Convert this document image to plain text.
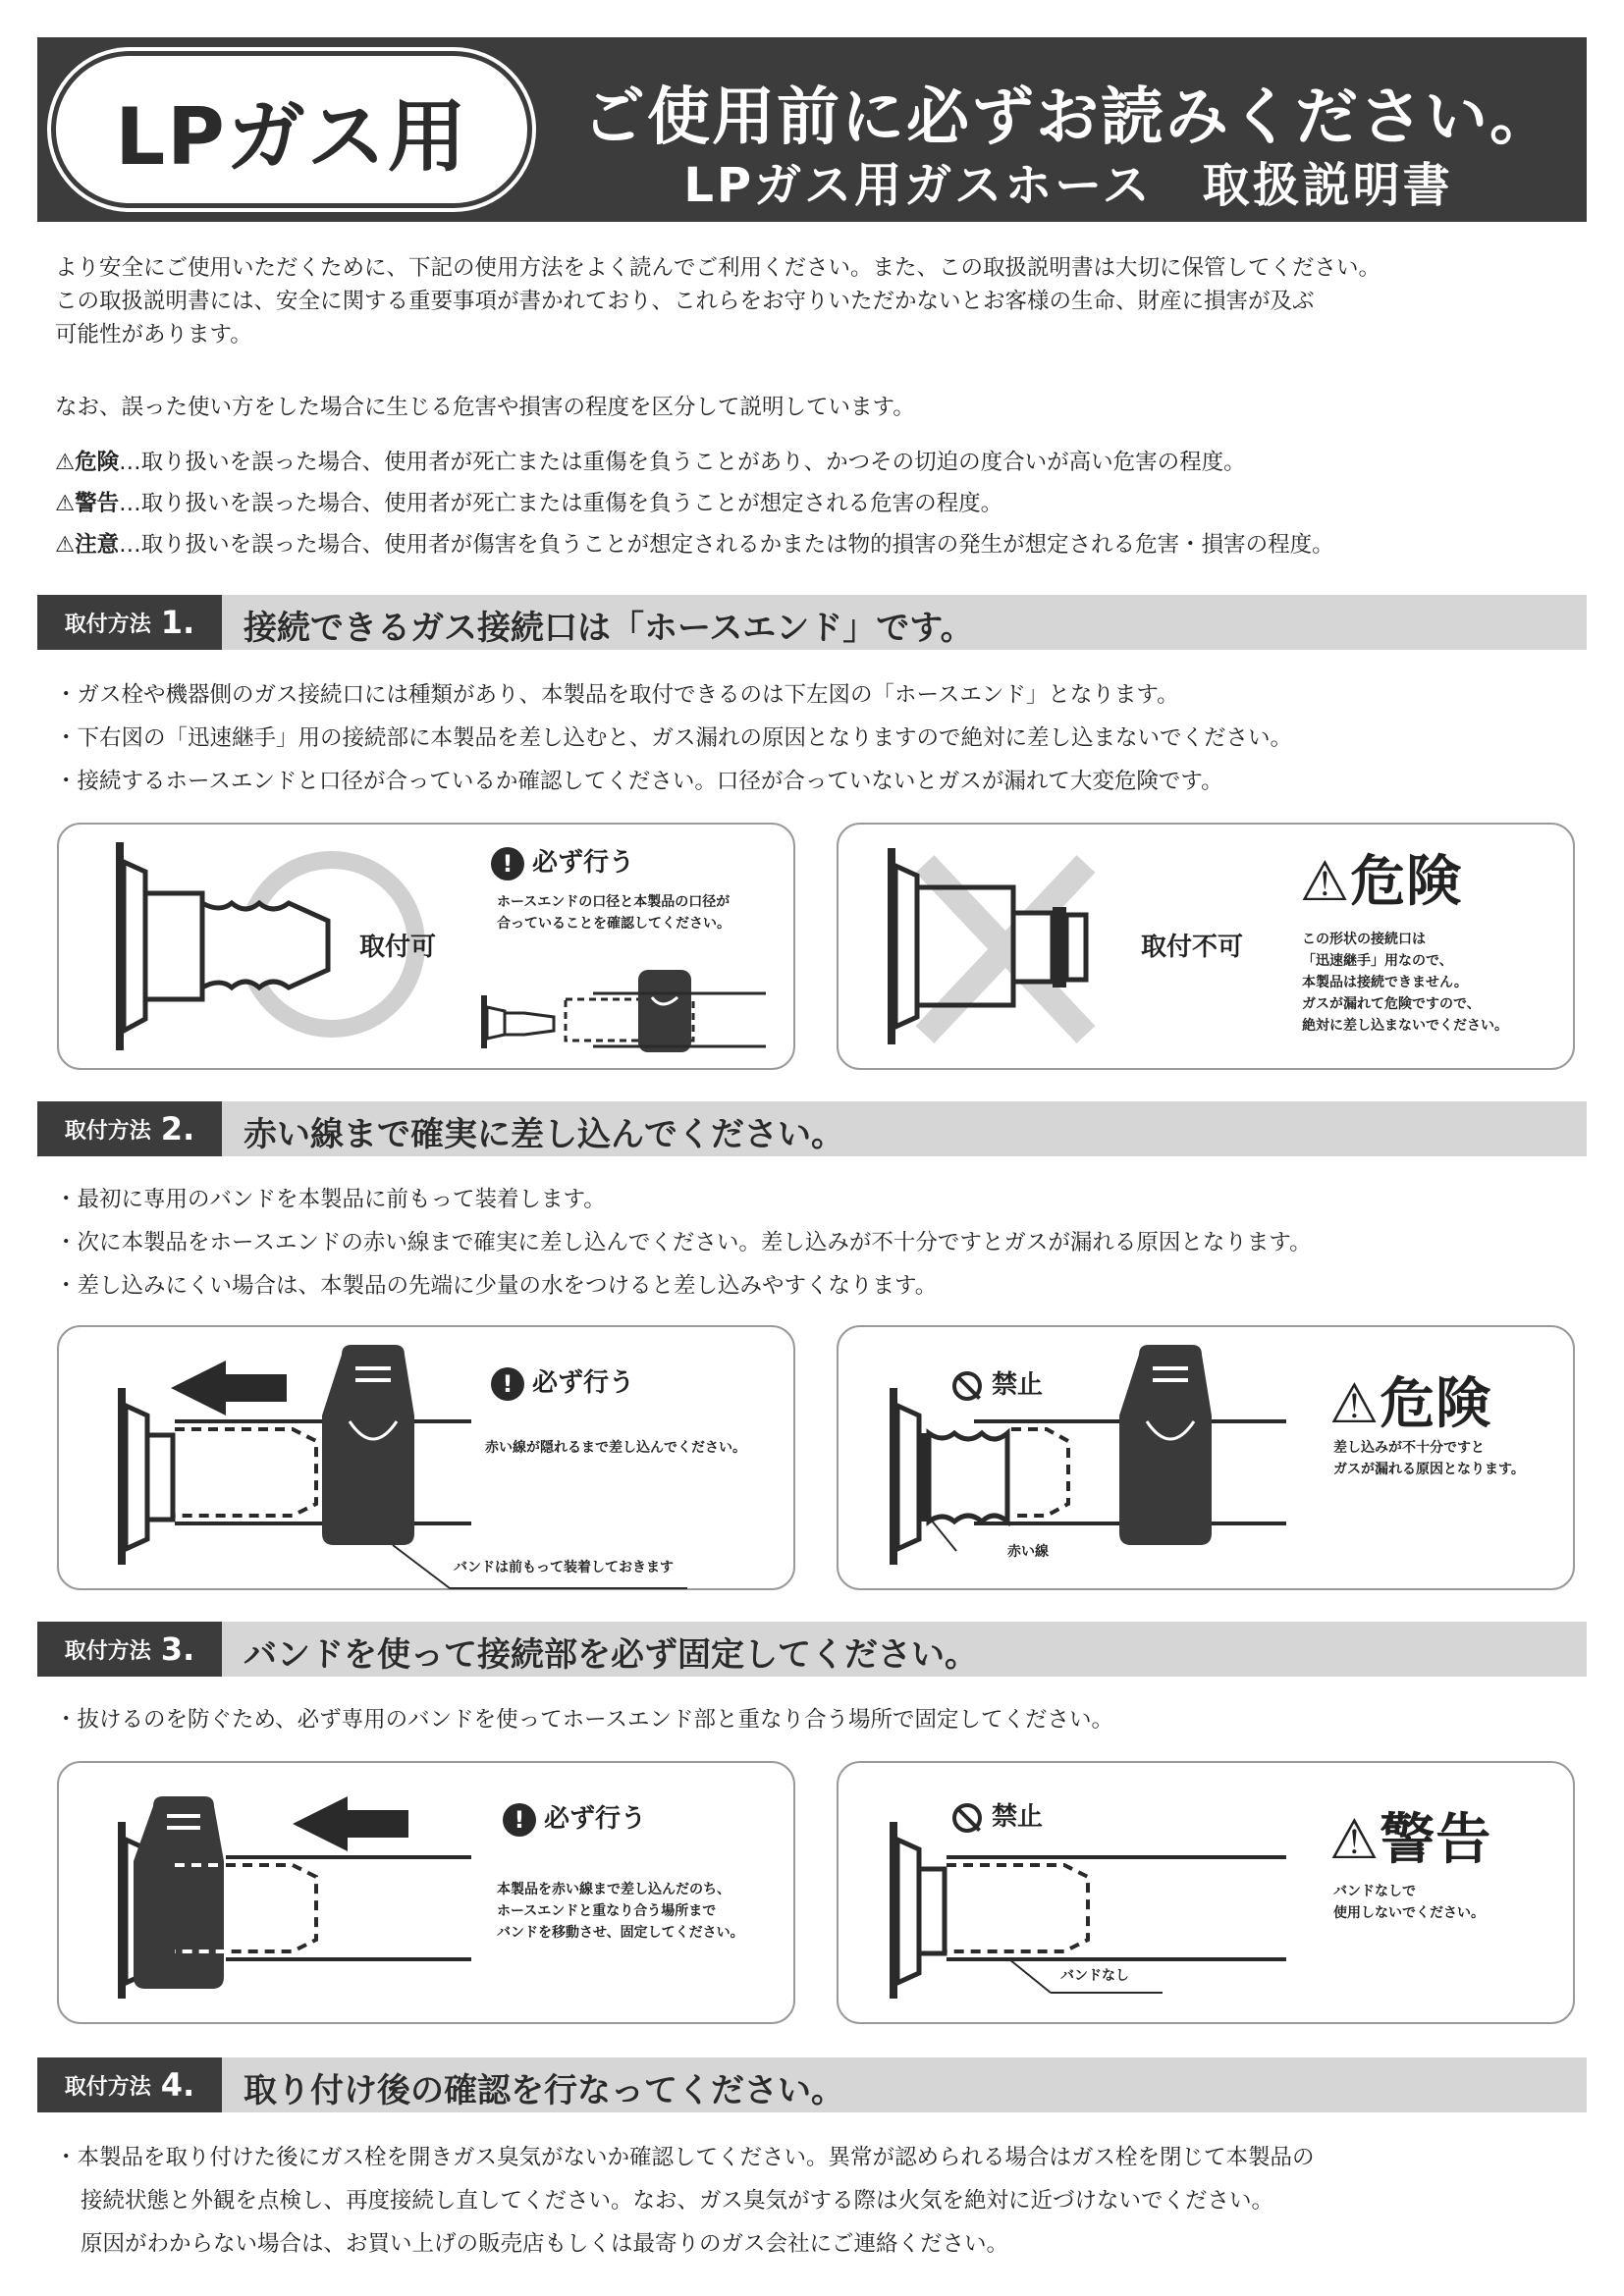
LPガス用	ご使用前に必ずお読みください。
LPガス用ガスホース　取扱説明書
より安全にご使用いただくために、下記の使用方法をよく読んでご利用ください。また、この取扱説明書は大切に保管してください。
この取扱説明書には、安全に関する重要事項が書かれており、これらをお守りいただかないとお客様の生命、財産に損害が及ぶ
可能性があります。
なお、誤った使い方をした場合に生じる危害や損害の程度を区分して説明しています。
⚠危険…取り扱いを誤った場合、使用者が死亡または重傷を負うことがあり、かつその切迫の度合いが高い危害の程度。
⚠警告…取り扱いを誤った場合、使用者が死亡または重傷を負うことが想定される危害の程度。
⚠注意…取り扱いを誤った場合、使用者が傷害を負うことが想定されるかまたは物的損害の発生が想定される危害・損害の程度。
取付方法 1. 接続できるガス接続口は「ホースエンド」です。
・ ガス栓や機器側のガス接続口には種類があり、本製品を取付できるのは下左図の「ホースエンド」となります。
・ 下右図の「迅速継手」用の接続部に本製品を差し込むと、ガス漏れの原因となりますので絶対に差し込まないでください。
・ 接続するホースエンドと口径が合っているか確認してください。口径が合っていないとガスが漏れて大変危険です。
取付可
! 必ず行う
ホースエンドの口径と本製品の口径が
合っていることを確認してください。
取付不可
⚠危険
この形状の接続口は
「迅速継手」用なので、
本製品は接続できません。
ガスが漏れて危険ですので、
絶対に差し込まないでください。
取付方法 2. 赤い線まで確実に差し込んでください。
・ 最初に専用のバンドを本製品に前もって装着します。
・ 次に本製品をホースエンドの赤い線まで確実に差し込んでください。差し込みが不十分ですとガスが漏れる原因となります。
・ 差し込みにくい場合は、本製品の先端に少量の水をつけると差し込みやすくなります。
! 必ず行う
赤い線が隠れるまで差し込んでください。
バンドは前もって装着しておきます
禁止	⚠危険
差し込みが不十分ですと
ガスが漏れる原因となります。
赤い線
取付方法 3. バンドを使って接続部を必ず固定してください。
・ 抜けるのを防ぐため、必ず専用のバンドを使ってホースエンド部と重なり合う場所で固定してください。
! 必ず行う
本製品を赤い線まで差し込んだのち、
ホースエンドと重なり合う場所まで
バンドを移動させ、固定してください。
禁止	⚠警告
バンドなしで
使用しないでください。
バンドなし
取付方法 4. 取り付け後の確認を行なってください。
・ 本製品を取り付けた後にガス栓を開きガス臭気がないか確認してください。異常が認められる場合はガス栓を閉じて本製品の
接続状態と外観を点検し、再度接続し直してください。なお、ガス臭気がする際は火気を絶対に近づけないでください。
原因がわからない場合は、お買い上げの販売店もしくは最寄りのガス会社にご連絡ください。
